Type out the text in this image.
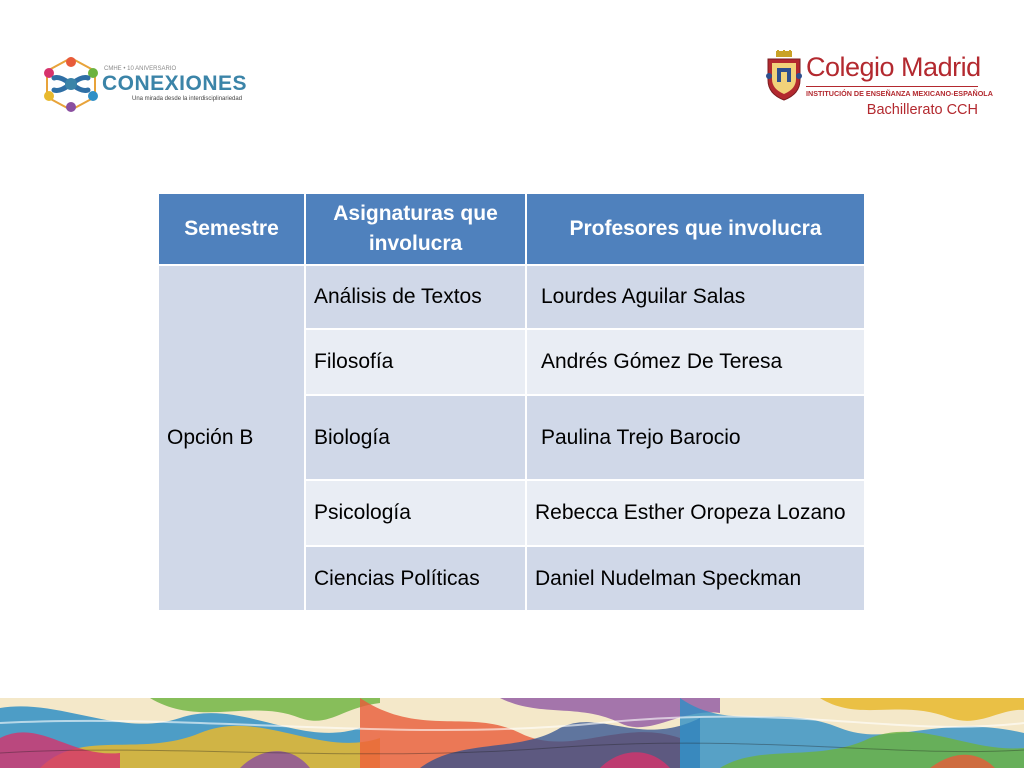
CMHE • 10 ANIVERSARIO
CONEXIONES
Una mirada desde la interdisciplinariedad
Colegio Madrid
INSTITUCIÓN DE ENSEÑANZA MEXICANO-ESPAÑOLA
Bachillerato CCH
Semestre	Asignaturas que involucra	Profesores que involucra
Opción B	Análisis de Textos	Lourdes Aguilar Salas
	Filosofía	Andrés Gómez De Teresa
	Biología	Paulina Trejo Barocio
	Psicología	Rebecca Esther Oropeza Lozano
	Ciencias Políticas	Daniel Nudelman Speckman
